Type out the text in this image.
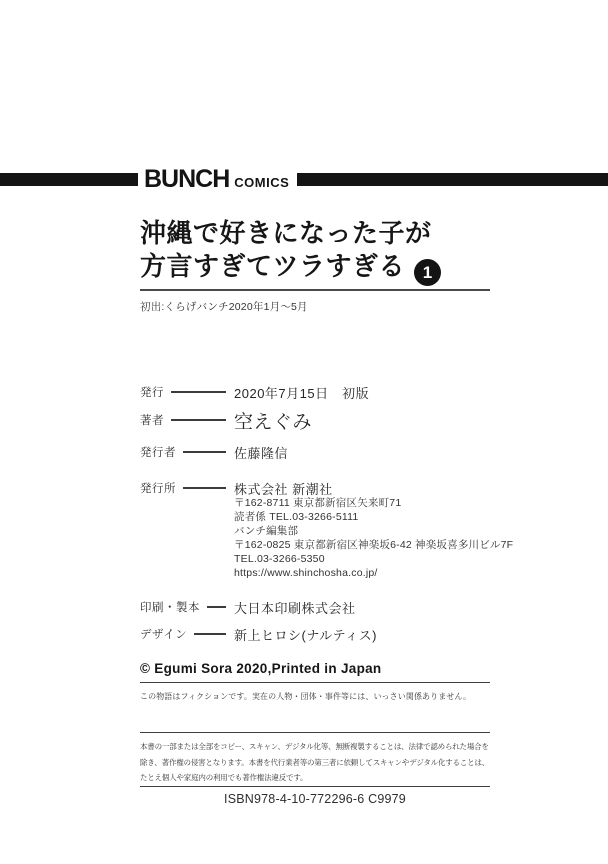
BUNCH COMICS
沖縄で好きになった子が
方言すぎてツラすぎる 1
初出:くらげバンチ2020年1月〜5月
発行	2020年7月15日　初版
著者	空えぐみ
発行者	佐藤隆信
発行所	株式会社 新潮社
〒162-8711 東京都新宿区矢来町71
読者係 TEL.03-3266-5111
バンチ編集部
〒162-0825 東京都新宿区神楽坂6-42 神楽坂喜多川ビル7F
TEL.03-3266-5350
https://www.shinchosha.co.jp/
印刷・製本	大日本印刷株式会社
デザイン	新上ヒロシ(ナルティス)
© Egumi Sora 2020,Printed in Japan
この物語はフィクションです。実在の人物・団体・事件等には、いっさい関係ありません。
本書の一部または全部をコピー、スキャン、デジタル化等、無断複製することは、法律で認められた場合を
除き、著作権の侵害となります。本書を代行業者等の第三者に依頼してスキャンやデジタル化することは、
たとえ個人や家庭内の利用でも著作権法違反です。
ISBN978-4-10-772296-6 C9979
